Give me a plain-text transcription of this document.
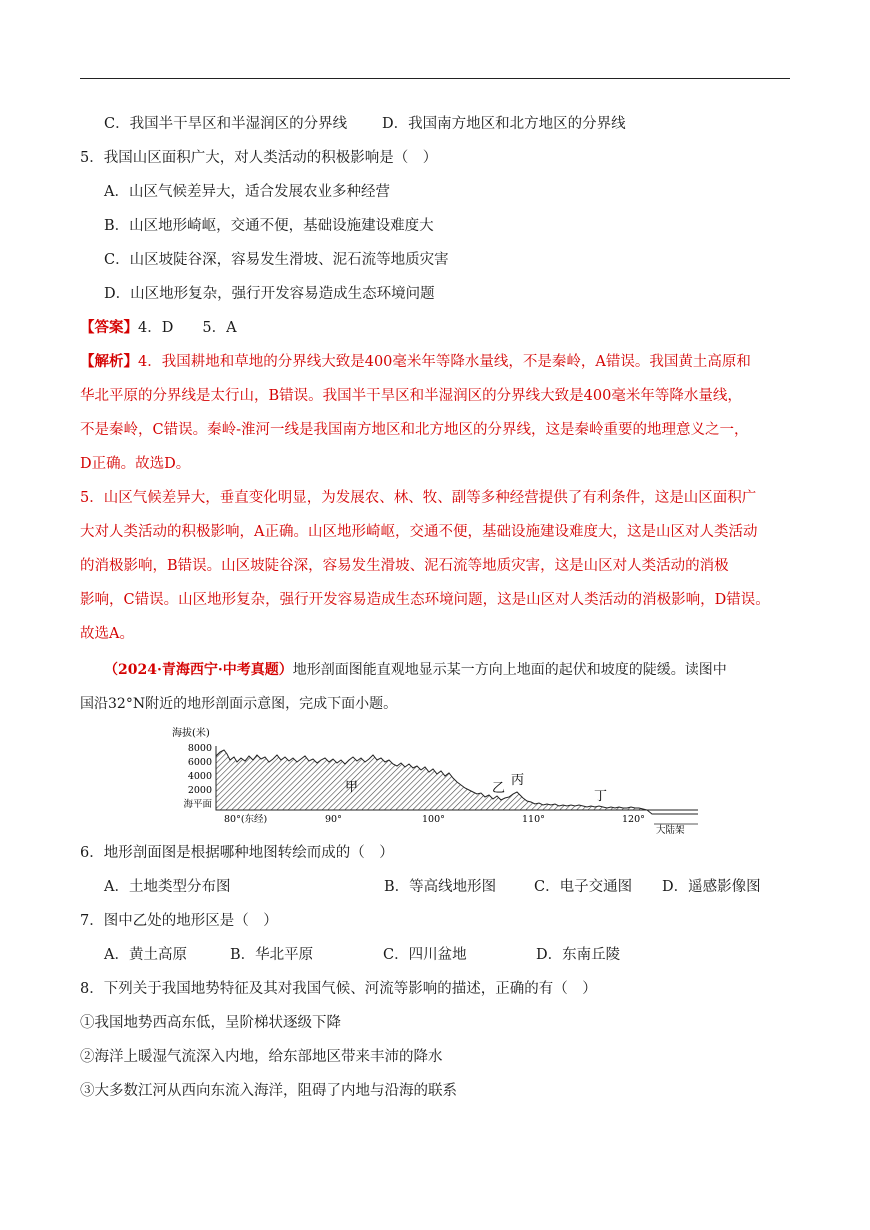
C．我国半干旱区和半湿润区的分界线 D．我国南方地区和北方地区的分界线
5．我国山区面积广大，对人类活动的积极影响是（　）
A．山区气候差异大，适合发展农业多种经营
B．山区地形崎岖，交通不便，基础设施建设难度大
C．山区坡陡谷深，容易发生滑坡、泥石流等地质灾害
D．山区地形复杂，强行开发容易造成生态环境问题
【答案】4．D　　5．A
【解析】4．我国耕地和草地的分界线大致是400毫米年等降水量线，不是秦岭，A错误。我国黄土高原和
华北平原的分界线是太行山，B错误。我国半干旱区和半湿润区的分界线大致是400毫米年等降水量线，
不是秦岭，C错误。秦岭-淮河一线是我国南方地区和北方地区的分界线，这是秦岭重要的地理意义之一，
D正确。故选D。
5．山区气候差异大，垂直变化明显，为发展农、林、牧、副等多种经营提供了有利条件，这是山区面积广
大对人类活动的积极影响，A正确。山区地形崎岖，交通不便，基础设施建设难度大，这是山区对人类活动
的消极影响，B错误。山区坡陡谷深，容易发生滑坡、泥石流等地质灾害，这是山区对人类活动的消极
影响，C错误。山区地形复杂，强行开发容易造成生态环境问题，这是山区对人类活动的消极影响，D错误。
故选A。
（2024·青海西宁·中考真题）地形剖面图能直观地显示某一方向上地面的起伏和坡度的陡缓。读图中
国沿32°N附近的地形剖面示意图，完成下面小题。
海拔(米)
8000
6000
4000
2000
海平面
甲	乙
丙
丁
80°(东经)	90°	100°	110°	120°
大陆架
6．地形剖面图是根据哪种地图转绘而成的（　）
A．土地类型分布图	B．等高线地形图	C．电子交通图 D．遥感影像图
7．图中乙处的地形区是（　）
A．黄土高原	B．华北平原	C．四川盆地	D．东南丘陵
8．下列关于我国地势特征及其对我国气候、河流等影响的描述，正确的有（　）
①我国地势西高东低，呈阶梯状逐级下降
②海洋上暖湿气流深入内地，给东部地区带来丰沛的降水
③大多数江河从西向东流入海洋，阻碍了内地与沿海的联系
